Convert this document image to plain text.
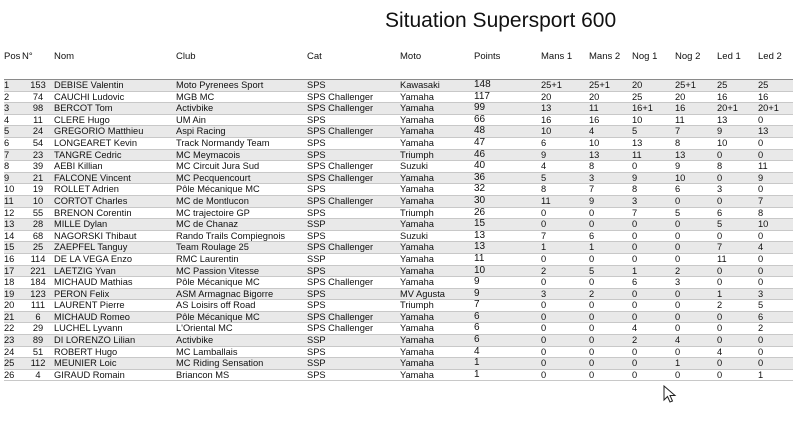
Situation Supersport 600
	Pos	N°	Nom	Club	Cat	Moto	Points	Mans 1	Mans 2	Nog 1	Nog 2	Led 1	Led 2	

	1	153	DEBISE Valentin	Moto Pyrenees Sport	SPS	Kawasaki	148	25+1	25+1	20	25+1	25	25	
	2	74	CAUCHI Ludovic	MGB MC	SPS Challenger	Yamaha	117	20	20	25	20	16	16	
	3	98	BERCOT Tom	Activbike	SPS Challenger	Yamaha	99	13	11	16+1	16	20+1	20+1	
	4	11	CLERE Hugo	UM Ain	SPS	Yamaha	66	16	16	10	11	13	0	
	5	24	GREGORIO Matthieu	Aspi Racing	SPS Challenger	Yamaha	48	10	4	5	7	9	13	
	6	54	LONGEARET Kevin	Track Normandy Team	SPS	Yamaha	47	6	10	13	8	10	0	
	7	23	TANGRE Cedric	MC Meymacois	SPS	Triumph	46	9	13	11	13	0	0	
	8	39	AEBI Killian	MC Circuit Jura Sud	SPS Challenger	Suzuki	40	4	8	0	9	8	11	
	9	21	FALCONE Vincent	MC Pecquencourt	SPS Challenger	Yamaha	36	5	3	9	10	0	9	
	10	19	ROLLET Adrien	Pôle Mécanique MC	SPS	Yamaha	32	8	7	8	6	3	0	
	11	10	CORTOT Charles	MC de Montlucon	SPS Challenger	Yamaha	30	11	9	3	0	0	7	
	12	55	BRENON Corentin	MC trajectoire GP	SPS	Triumph	26	0	0	7	5	6	8	
	13	28	MILLE Dylan	MC de Chanaz	SSP	Yamaha	15	0	0	0	0	5	10	
	14	68	NAGORSKI Thibaut	Rando Trails Compiegnois	SPS	Suzuki	13	7	6	0	0	0	0	
	15	25	ZAEPFEL Tanguy	Team Roulage 25	SPS Challenger	Yamaha	13	1	1	0	0	7	4	
	16	114	DE LA VEGA Enzo	RMC Laurentin	SSP	Yamaha	11	0	0	0	0	11	0	
	17	221	LAETZIG Yvan	MC Passion Vitesse	SPS	Yamaha	10	2	5	1	2	0	0	
	18	184	MICHAUD Mathias	Pôle Mécanique MC	SPS Challenger	Yamaha	9	0	0	6	3	0	0	
	19	123	PERON Felix	ASM Armagnac Bigorre	SPS	MV Agusta	9	3	2	0	0	1	3	
	20	111	LAURENT Pierre	AS Loisirs off Road	SPS	Triumph	7	0	0	0	0	2	5	
	21	6	MICHAUD Romeo	Pôle Mécanique MC	SPS Challenger	Yamaha	6	0	0	0	0	0	6	
	22	29	LUCHEL Lyvann	L'Oriental MC	SPS Challenger	Yamaha	6	0	0	4	0	0	2	
	23	89	DI LORENZO Lilian	Activbike	SSP	Yamaha	6	0	0	2	4	0	0	
	24	51	ROBERT Hugo	MC Lamballais	SPS	Yamaha	4	0	0	0	0	4	0	
	25	112	MEUNIER Loic	MC Riding Sensation	SSP	Yamaha	1	0	0	0	1	0	0	
	26	4	GIRAUD Romain	Briancon MS	SPS	Yamaha	1	0	0	0	0	0	1	
